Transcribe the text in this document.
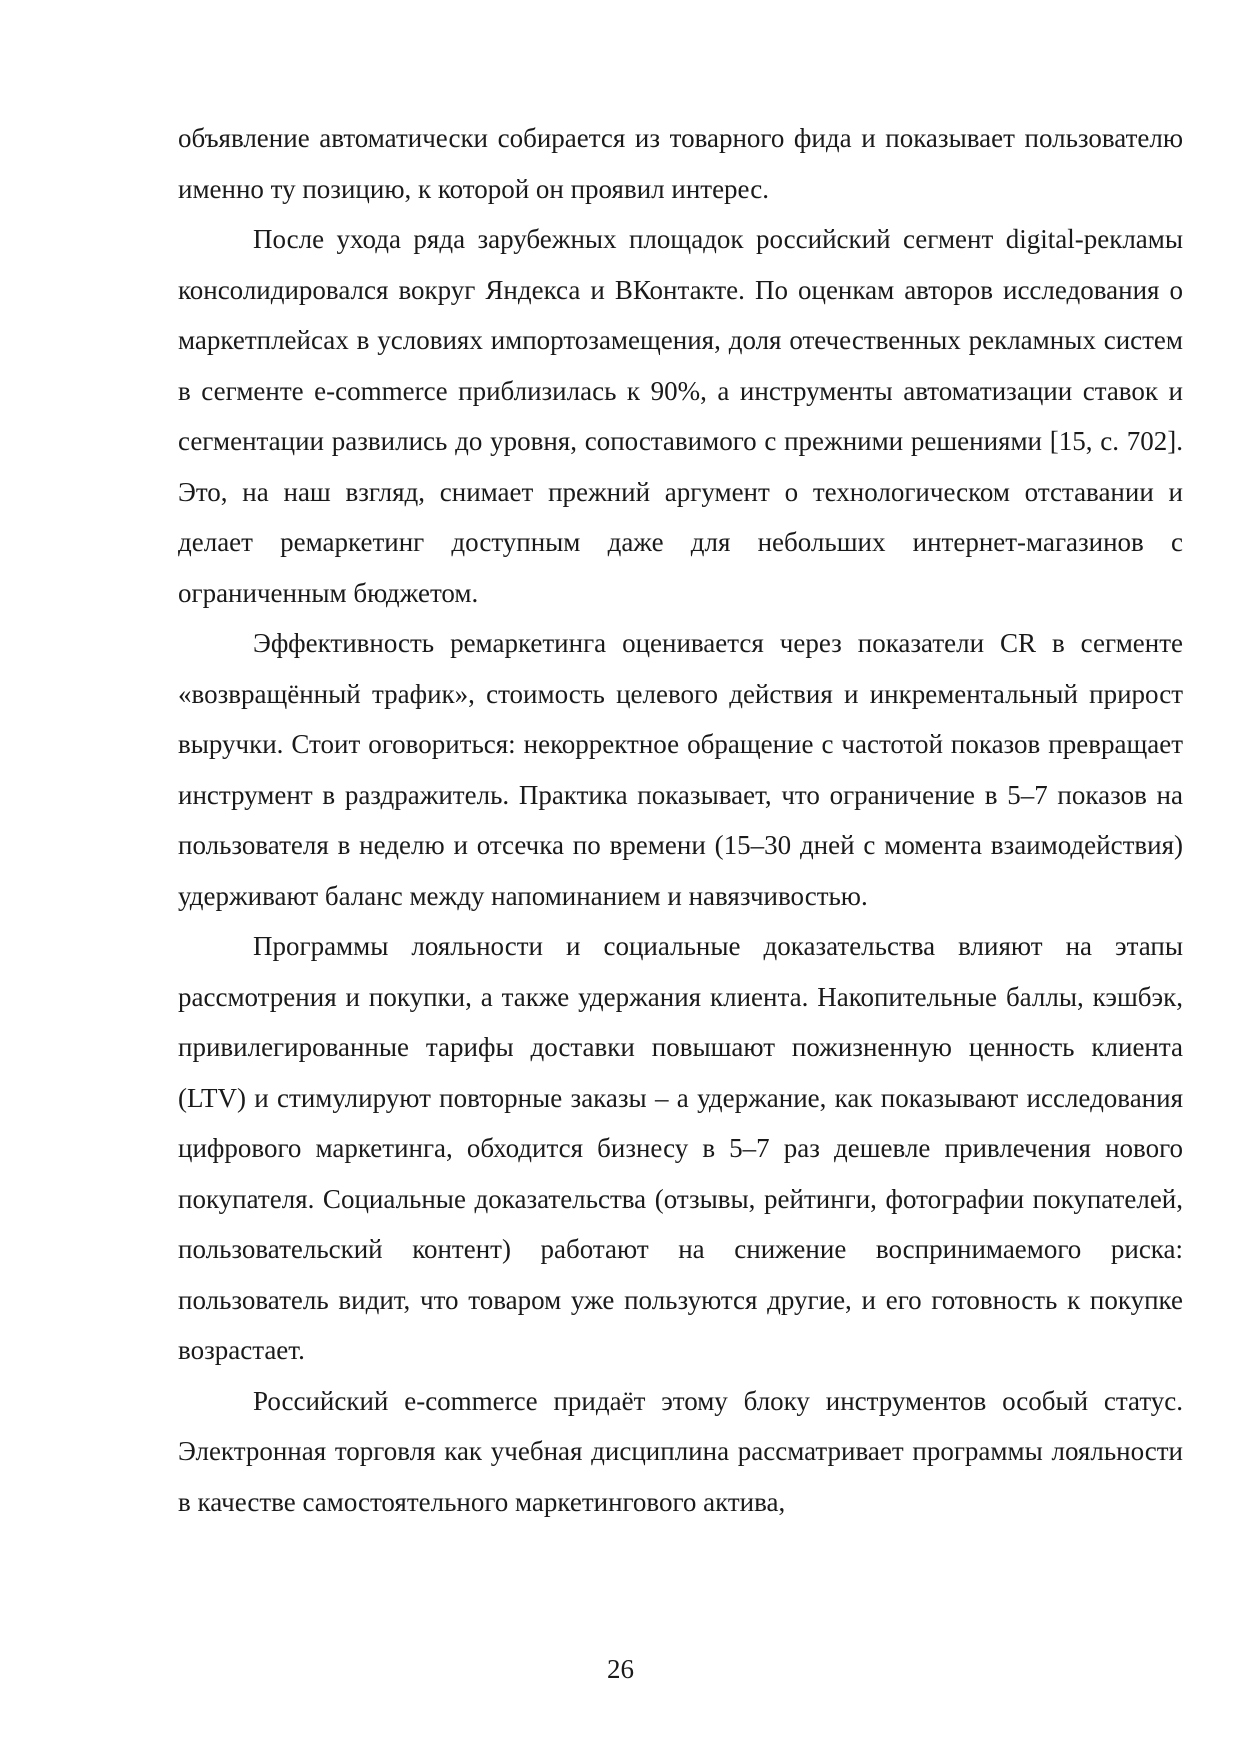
объявление автоматически собирается из товарного фида и показывает пользователю именно ту позицию, к которой он проявил интерес.

После ухода ряда зарубежных площадок российский сегмент digital-рекламы консолидировался вокруг Яндекса и ВКонтакте. По оценкам авторов исследования о маркетплейсах в условиях импортозамещения, доля отечественных рекламных систем в сегменте e-commerce приблизилась к 90%, а инструменты автоматизации ставок и сегментации развились до уровня, сопоставимого с прежними решениями [15, с. 702]. Это, на наш взгляд, снимает прежний аргумент о технологическом отставании и делает ремаркетинг доступным даже для небольших интернет-магазинов с ограниченным бюджетом.

Эффективность ремаркетинга оценивается через показатели CR в сегменте «возвращённый трафик», стоимость целевого действия и инкрементальный прирост выручки. Стоит оговориться: некорректное обращение с частотой показов превращает инструмент в раздражитель. Практика показывает, что ограничение в 5–7 показов на пользователя в неделю и отсечка по времени (15–30 дней с момента взаимодействия) удерживают баланс между напоминанием и навязчивостью.

Программы лояльности и социальные доказательства влияют на этапы рассмотрения и покупки, а также удержания клиента. Накопительные баллы, кэшбэк, привилегированные тарифы доставки повышают пожизненную ценность клиента (LTV) и стимулируют повторные заказы – а удержание, как показывают исследования цифрового маркетинга, обходится бизнесу в 5–7 раз дешевле привлечения нового покупателя. Социальные доказательства (отзывы, рейтинги, фотографии покупателей, пользовательский контент) работают на снижение воспринимаемого риска: пользователь видит, что товаром уже пользуются другие, и его готовность к покупке возрастает.

Российский e-commerce придаёт этому блоку инструментов особый статус. Электронная торговля как учебная дисциплина рассматривает программы лояльности в качестве самостоятельного маркетингового актива,

26
